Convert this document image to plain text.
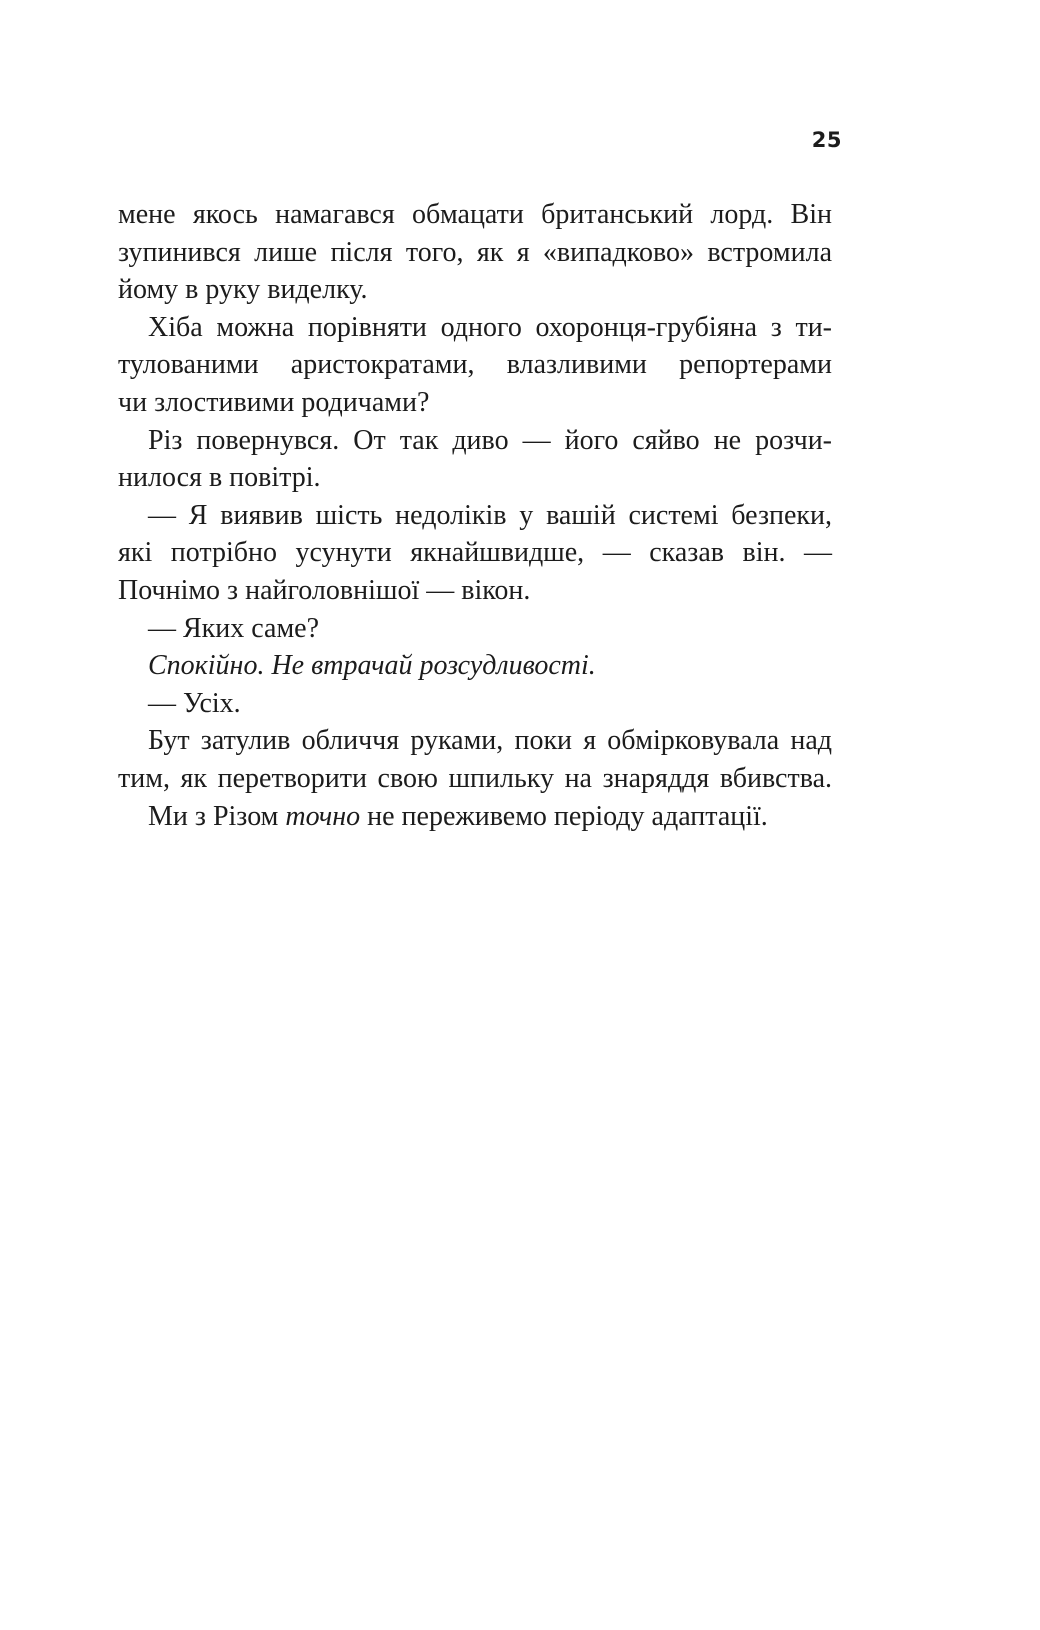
25
мене якось намагався обмацати британський лорд. Він
зупинився лише після того, як я «випадково» встромила
йому в руку виделку.
Хіба можна порівняти одного охоронця-грубіяна з ти-
тулованими аристократами, влазливими репортерами
чи злостивими родичами?
Різ повернувся. От так диво — його сяйво не розчи-
нилося в повітрі.
— Я виявив шість недоліків у вашій системі безпеки,
які потрібно усунути якнайшвидше, — сказав він. —
Почнімо з найголовнішої — вікон.
— Яких саме?
Спокійно. Не втрачай розсудливості.
— Усіх.
Бут затулив обличчя руками, поки я обмірковувала над
тим, як перетворити свою шпильку на знаряддя вбивства.
Ми з Різом точно не переживемо періоду адаптації.
